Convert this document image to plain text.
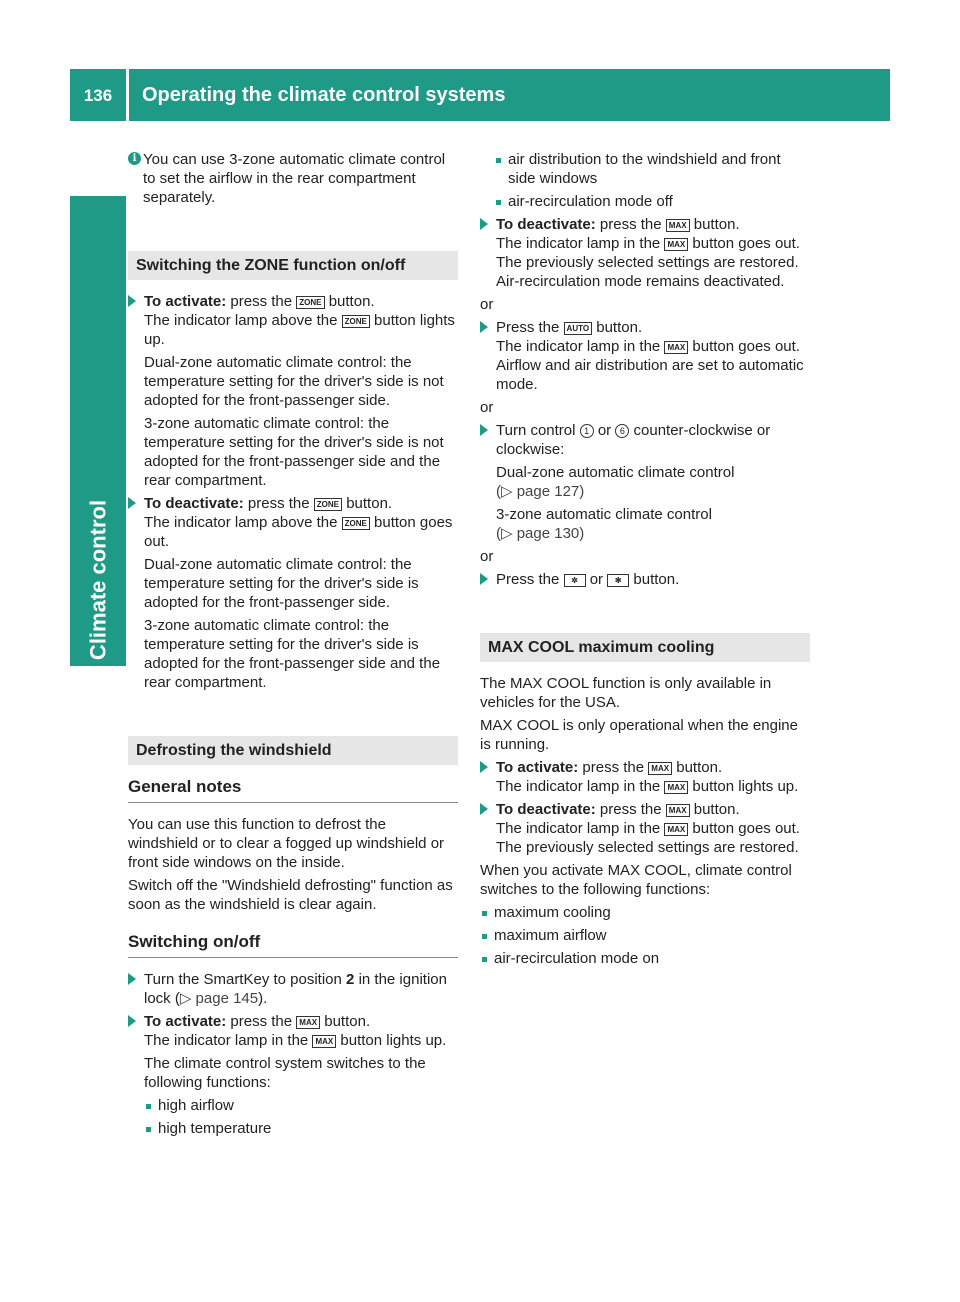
136	Operating the climate control systems
Climate control

i You can use 3-zone automatic climate control to set the airflow in the rear compartment separately.

Switching the ZONE function on/off

To activate: press the ZONE button.
The indicator lamp above the ZONE button lights up.

Dual-zone automatic climate control: the temperature setting for the driver's side is not adopted for the front-passenger side.

3-zone automatic climate control: the temperature setting for the driver's side is not adopted for the front-passenger side and the rear compartment.

To deactivate: press the ZONE button.
The indicator lamp above the ZONE button goes out.

Dual-zone automatic climate control: the temperature setting for the driver's side is adopted for the front-passenger side.

3-zone automatic climate control: the temperature setting for the driver's side is adopted for the front-passenger side and the rear compartment.

Defrosting the windshield
General notes

You can use this function to defrost the windshield or to clear a fogged up windshield or front side windows on the inside.

Switch off the "Windshield defrosting" function as soon as the windshield is clear again.

Switching on/off

Turn the SmartKey to position 2 in the ignition lock (▷ page 145).

To activate: press the MAX button.
The indicator lamp in the MAX button lights up.

The climate control system switches to the following functions:

high airflow
high temperature
air distribution to the windshield and front side windows
air-recirculation mode off

To deactivate: press the MAX button.
The indicator lamp in the MAX button goes out. The previously selected settings are restored. Air-recirculation mode remains deactivated.

or

Press the AUTO button.
The indicator lamp in the MAX button goes out. Airflow and air distribution are set to automatic mode.

or

Turn control 1 or 6 counter-clockwise or clockwise:

Dual-zone automatic climate control
(▷ page 127)

3-zone automatic climate control
(▷ page 130)

or

Press the ✲ or ✻ button.

MAX COOL maximum cooling

The MAX COOL function is only available in vehicles for the USA.

MAX COOL is only operational when the engine is running.

To activate: press the MAX button.
The indicator lamp in the MAX button lights up.

To deactivate: press the MAX button.
The indicator lamp in the MAX button goes out. The previously selected settings are restored.

When you activate MAX COOL, climate control switches to the following functions:

maximum cooling
maximum airflow
air-recirculation mode on
